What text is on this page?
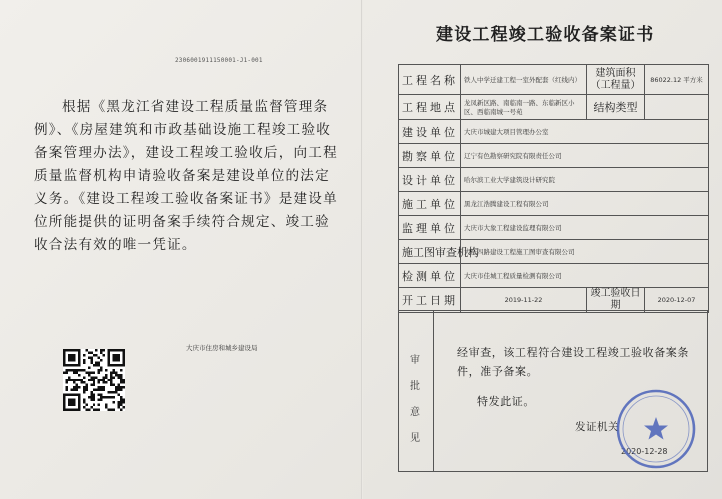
2306001911150001-J1-001
根据《黑龙江省建设工程质量监督管理条例》、《房屋建筑和市政基础设施工程竣工验收备案管理办法》，建设工程竣工验收后，向工程质量监督机构申请验收备案是建设单位的法定义务。《建设工程竣工验收备案证书》是建设单位所能提供的证明备案手续符合规定、竣工验收合法有效的唯一凭证。
大庆市住房和城乡建设局
建设工程竣工验收备案证书
工程名称	铁人中学迁建工程一室外配套（红线内）	建筑面积（工程量）	86022.12 平方米
工程地点	龙凤新区路、南临南一路、东临新区小区、西临南城一号苑	结构类型	
建设单位	大庆市城建大项目管理办公室		
勘察单位	辽宁有色勘察研究院有限责任公司		
设计单位	哈尔滨工业大学建筑设计研究院		
施工单位	黑龙江浩腾建设工程有限公司		
监理单位	大庆市大象工程建设监理有限公司		
施工图审查机构	大庆四路建设工程施工图审查有限公司		
检测单位	大庆市佳城工程质量检测有限公司		
开工日期	2019-11-22	竣工验收日期	2020-12-07
审
批
意
见
经审查，该工程符合建设工程竣工验收备案条件，准予备案。
特发此证。
发证机关
2020-12-28
